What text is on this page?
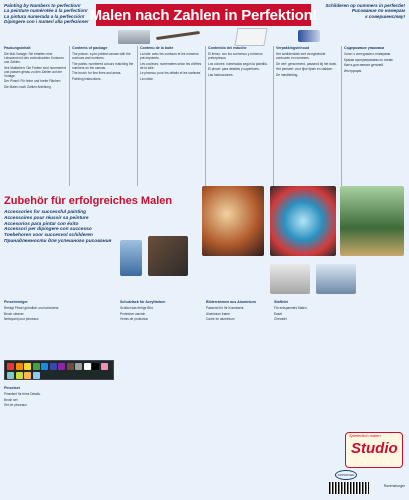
Painting by Numbers to perfection!
La peinture numérotée à la perfection!
La pintura numerada a la perfección!
Dipingere con i numeri alla perfezione! Malen nach Zahlen in Perfektion!
Schilderen op nummers in perfectie!
Рисование по номерам
к совершенству!
Packungsinhalt

Die Mal-Vorlage: Sie erhalten eine Leinwand mit den vorbedruckten Konturen und Zahlen.

Ihre Malfarben: Die Farben sind nummeriert und passen genau zu den Zahlen auf der Vorlage.

Der Pinsel: Für feine und breite Flächen.

Die Malen nach Zahlen Anleitung.

Contents of package

The picture: a pre-printed canvas with the contours and numbers.

The paints: numbered colours matching the numbers on the canvas.

The brush: for fine lines and areas.

Painting instructions.

Contenu de la boîte

La toile: avec les contours et les numéros pré-imprimés.

Les couleurs: numérotées selon les chiffres de la toile.

Le pinceau: pour les détails et les surfaces.

La notice.

Contenido del estuche

El lienzo: con los contornos y números preimpresos.

Los colores: numerados según la plantilla.

El pincel: para detalles y superficies.

Las instrucciones.

Verpakkingsinhoud

Het schilderdoek met voorgedrukte contouren en nummers.

De verf: genummerd, passend bij het doek.

Het penseel: voor fijne lijnen en vlakken.

De handleiding.

Содержимое упаковки

Холст с контурами и номерами.

Краски пронумерованы по схеме.

Кисть для мелких деталей.

Инструкция.

Zubehör für erfolgreiches Malen
Accessories for successful painting
Accessoires pour réussir sa peinture
Accesorios para pintar con éxito
Accessori per dipingere con successo
Toebehoren voor succesvol schilderen
Принадлежности для успешного рисования
Pinselreiniger

Reinigt Pinsel gründlich und schonend.

Brush cleaner

Nettoyant pour pinceaux

Pinselset

Pinselset für feine Details.

Brush set

Set de pinceaux

Schutzlack für Acrylfarben

Schützt das fertige Bild.

Protective varnish

Vernis de protection

Bilderrahmen aus Aluminium

Passend für Ihr Kunstwerk.

Aluminium frame

Cadre en aluminium

Staffelei

Für entspanntes Malen.

Easel

Chevalet

Spielerisch malen
Studio
APPROVED
Ravensburger
